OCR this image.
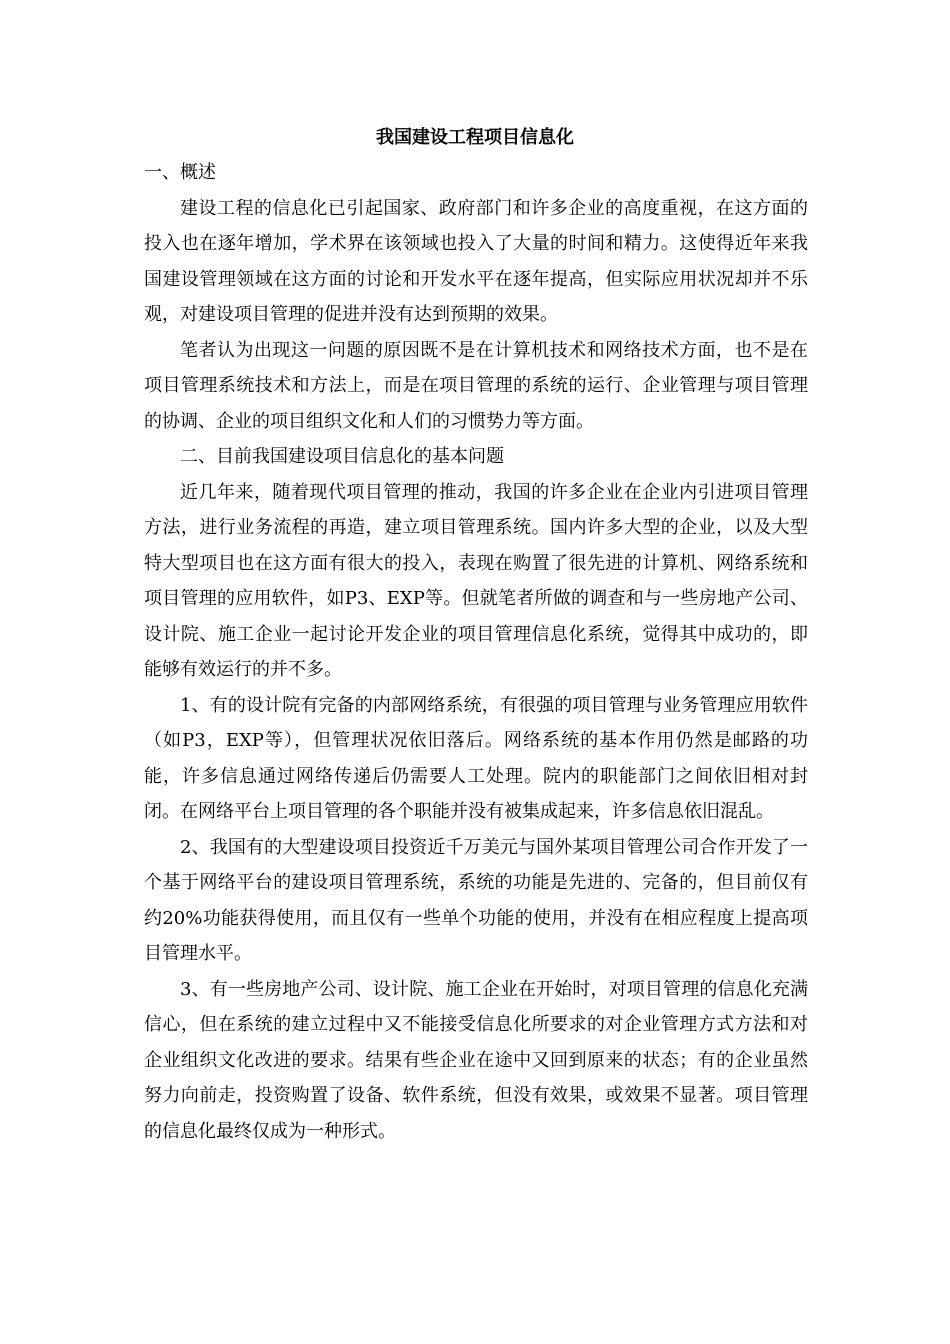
我国建设工程项目信息化

一、概述

建设工程的信息化已引起国家、政府部门和许多企业的高度重视，在这方面的投入也在逐年增加，学术界在该领域也投入了大量的时间和精力。这使得近年来我国建设管理领域在这方面的讨论和开发水平在逐年提高，但实际应用状况却并不乐观，对建设项目管理的促进并没有达到预期的效果。

笔者认为出现这一问题的原因既不是在计算机技术和网络技术方面，也不是在项目管理系统技术和方法上，而是在项目管理的系统的运行、企业管理与项目管理的协调、企业的项目组织文化和人们的习惯势力等方面。

二、目前我国建设项目信息化的基本问题

近几年来，随着现代项目管理的推动，我国的许多企业在企业内引进项目管理方法，进行业务流程的再造，建立项目管理系统。国内许多大型的企业，以及大型特大型项目也在这方面有很大的投入，表现在购置了很先进的计算机、网络系统和项目管理的应用软件，如P3、EXP等。但就笔者所做的调查和与一些房地产公司、设计院、施工企业一起讨论开发企业的项目管理信息化系统，觉得其中成功的，即能够有效运行的并不多。

1、有的设计院有完备的内部网络系统，有很强的项目管理与业务管理应用软件（如P3，EXP等），但管理状况依旧落后。网络系统的基本作用仍然是邮路的功能，许多信息通过网络传递后仍需要人工处理。院内的职能部门之间依旧相对封闭。在网络平台上项目管理的各个职能并没有被集成起来，许多信息依旧混乱。

2、我国有的大型建设项目投资近千万美元与国外某项目管理公司合作开发了一个基于网络平台的建设项目管理系统，系统的功能是先进的、完备的，但目前仅有约20%功能获得使用，而且仅有一些单个功能的使用，并没有在相应程度上提高项目管理水平。

3、有一些房地产公司、设计院、施工企业在开始时，对项目管理的信息化充满信心，但在系统的建立过程中又不能接受信息化所要求的对企业管理方式方法和对企业组织文化改进的要求。结果有些企业在途中又回到原来的状态；有的企业虽然努力向前走，投资购置了设备、软件系统，但没有效果，或效果不显著。项目管理的信息化最终仅成为一种形式。
